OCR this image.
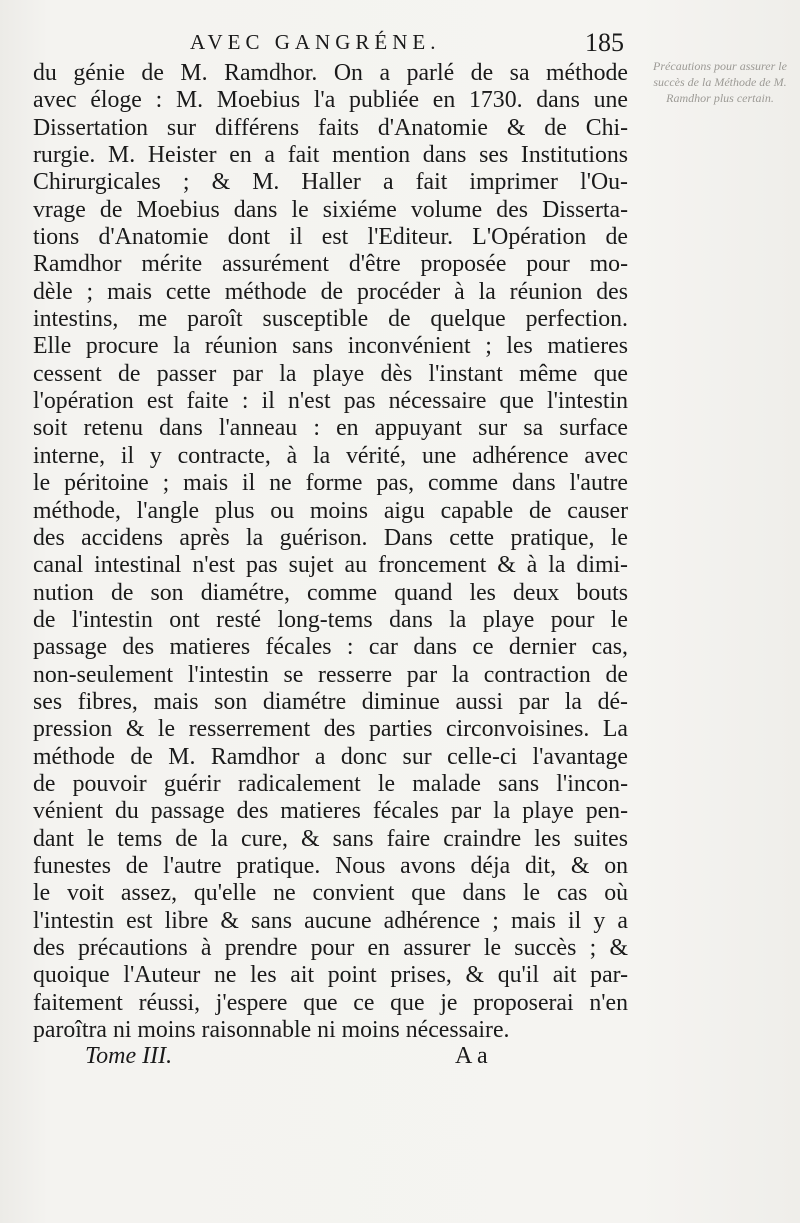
AVEC GANGRÉNE.	185
Précautions pour assurer le succès de la Méthode de M. Ramdhor plus certain.
du génie de M. Ramdhor. On a parlé de sa méthode
avec éloge : M. Moebius l'a publiée en 1730. dans une
Dissertation sur différens faits d'Anatomie & de Chi-
rurgie. M. Heister en a fait mention dans ses Institutions
Chirurgicales ; & M. Haller a fait imprimer l'Ou-
vrage de Moebius dans le sixiéme volume des Disserta-
tions d'Anatomie dont il est l'Editeur. L'Opération de
Ramdhor mérite assurément d'être proposée pour mo-
dèle ; mais cette méthode de procéder à la réunion des
intestins, me paroît susceptible de quelque perfection.
Elle procure la réunion sans inconvénient ; les matieres
cessent de passer par la playe dès l'instant même que
l'opération est faite : il n'est pas nécessaire que l'intestin
soit retenu dans l'anneau : en appuyant sur sa surface
interne, il y contracte, à la vérité, une adhérence avec
le péritoine ; mais il ne forme pas, comme dans l'autre
méthode, l'angle plus ou moins aigu capable de causer
des accidens après la guérison. Dans cette pratique, le
canal intestinal n'est pas sujet au froncement & à la dimi-
nution de son diamétre, comme quand les deux bouts
de l'intestin ont resté long-tems dans la playe pour le
passage des matieres fécales : car dans ce dernier cas,
non-seulement l'intestin se resserre par la contraction de
ses fibres, mais son diamétre diminue aussi par la dé-
pression & le resserrement des parties circonvoisines. La
méthode de M. Ramdhor a donc sur celle-ci l'avantage
de pouvoir guérir radicalement le malade sans l'incon-
vénient du passage des matieres fécales par la playe pen-
dant le tems de la cure, & sans faire craindre les suites
funestes de l'autre pratique. Nous avons déja dit, & on
le voit assez, qu'elle ne convient que dans le cas où
l'intestin est libre & sans aucune adhérence ; mais il y a
des précautions à prendre pour en assurer le succès ; &
quoique l'Auteur ne les ait point prises, & qu'il ait par-
faitement réussi, j'espere que ce que je proposerai n'en
paroîtra ni moins raisonnable ni moins nécessaire.
Tome III.	A a
